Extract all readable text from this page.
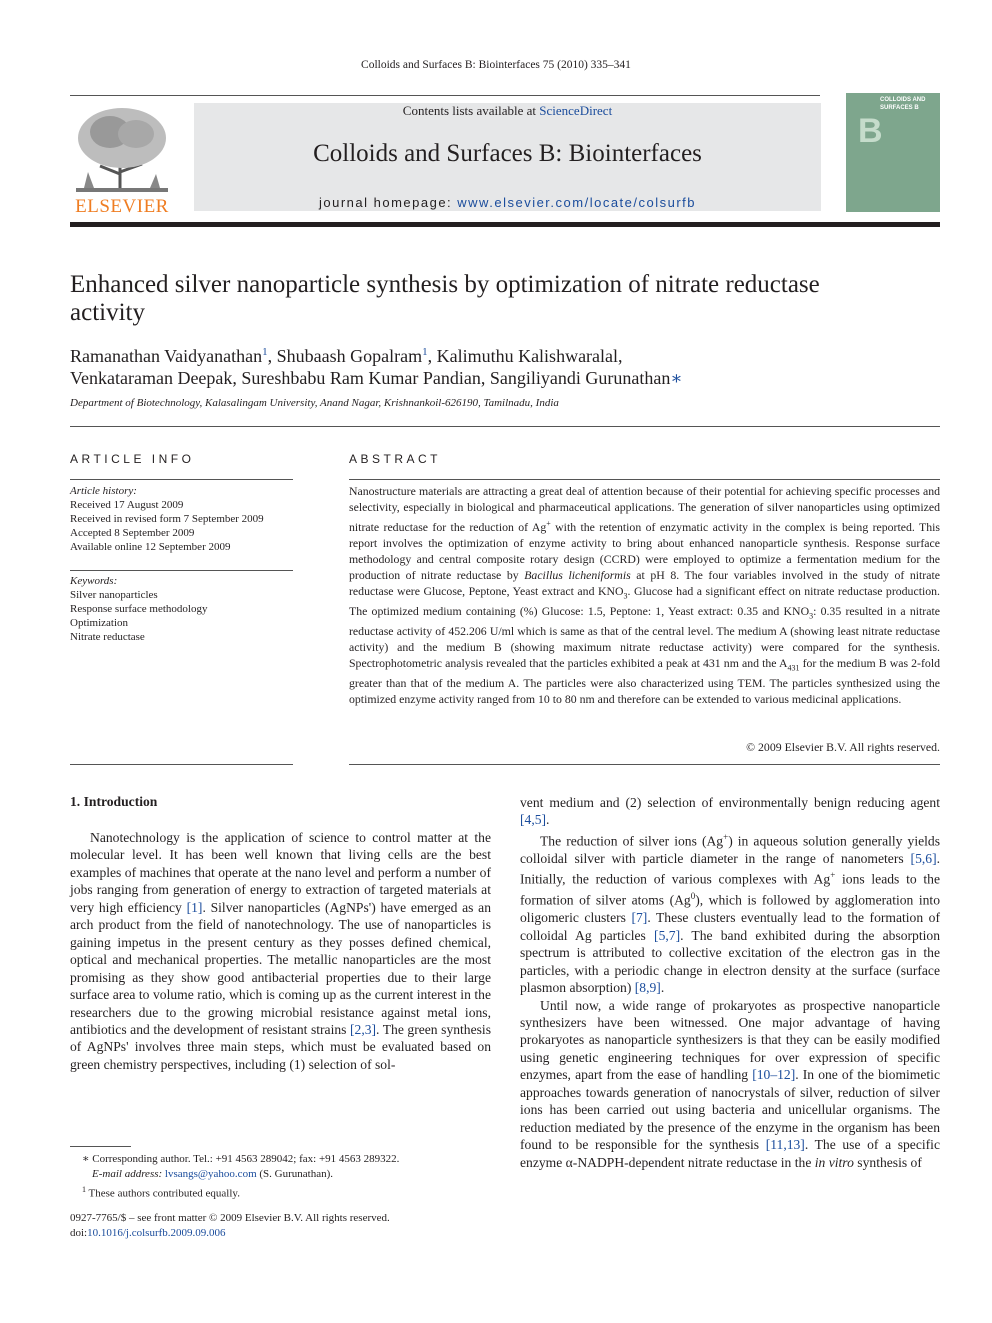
Colloids and Surfaces B: Biointerfaces 75 (2010) 335–341
ELSEVIER
Contents lists available at ScienceDirect
Colloids and Surfaces B: Biointerfaces
journal homepage: www.elsevier.com/locate/colsurfb
COLLOIDS AND SURFACES B
B
Enhanced silver nanoparticle synthesis by optimization of nitrate reductase activity
Ramanathan Vaidyanathan$^1$, Shubaash Gopalram$^1$, Kalimuthu Kalishwaralal,
Venkataraman Deepak, Sureshbabu Ram Kumar Pandian, Sangiliyandi Gurunathan∗
Department of Biotechnology, Kalasalingam University, Anand Nagar, Krishnankoil-626190, Tamilnadu, India
ARTICLE INFO	ABSTRACT
Article history:
Received 17 August 2009
Received in revised form 7 September 2009
Accepted 8 September 2009
Available online 12 September 2009
Keywords:
Silver nanoparticles
Response surface methodology
Optimization
Nitrate reductase
Nanostructure materials are attracting a great deal of attention because of their potential for achieving specific processes and selectivity, especially in biological and pharmaceutical applications. The generation of silver nanoparticles using optimized nitrate reductase for the reduction of Ag+ with the retention of enzymatic activity in the complex is being reported. This report involves the optimization of enzyme activity to bring about enhanced nanoparticle synthesis. Response surface methodology and central composite rotary design (CCRD) were employed to optimize a fermentation medium for the production of nitrate reductase by Bacillus licheniformis at pH 8. The four variables involved in the study of nitrate reductase were Glucose, Peptone, Yeast extract and $KNO_3$. Glucose had a significant effect on nitrate reductase production. The optimized medium containing (%) Glucose: 1.5, Peptone: 1, Yeast extract: 0.35 and $KNO_3$: 0.35 resulted in a nitrate reductase activity of 452.206 U/ml which is same as that of the central level. The medium A (showing least nitrate reductase activity) and the medium B (showing maximum nitrate reductase activity) were compared for the synthesis. Spectrophotometric analysis revealed that the particles exhibited a peak at 431 nm and the $A_{431}$ for the medium B was 2-fold greater than that of the medium A. The particles were also characterized using TEM. The particles synthesized using the optimized enzyme activity ranged from 10 to 80 nm and therefore can be extended to various medicinal applications.
© 2009 Elsevier B.V. All rights reserved.
1. Introduction

Nanotechnology is the application of science to control matter at the molecular level. It has been well known that living cells are the best examples of machines that operate at the nano level and perform a number of jobs ranging from generation of energy to extraction of targeted materials at very high efficiency [1]. Silver nanoparticles (AgNPs') have emerged as an arch product from the field of nanotechnology. The use of nanoparticles is gaining impetus in the present century as they posses defined chemical, optical and mechanical properties. The metallic nanoparticles are the most promising as they show good antibacterial properties due to their large surface area to volume ratio, which is coming up as the current interest in the researchers due to the growing microbial resistance against metal ions, antibiotics and the development of resistant strains [2,3]. The green synthesis of AgNPs' involves three main steps, which must be evaluated based on green chemistry perspectives, including (1) selection of sol-

vent medium and (2) selection of environmentally benign reducing agent [4,5].

The reduction of silver ions (Ag+) in aqueous solution generally yields colloidal silver with particle diameter in the range of nanometers [5,6]. Initially, the reduction of various complexes with Ag+ ions leads to the formation of silver atoms (Ag$^0$), which is followed by agglomeration into oligomeric clusters [7]. These clusters eventually lead to the formation of colloidal Ag particles [5,7]. The band exhibited during the absorption spectrum is attributed to collective excitation of the electron gas in the particles, with a periodic change in electron density at the surface (surface plasmon absorption) [8,9].

Until now, a wide range of prokaryotes as prospective nanoparticle synthesizers have been witnessed. One major advantage of having prokaryotes as nanoparticle synthesizers is that they can be easily modified using genetic engineering techniques for over expression of specific enzymes, apart from the ease of handling [10–12]. In one of the biomimetic approaches towards generation of nanocrystals of silver, reduction of silver ions has been carried out using bacteria and unicellular organisms. The reduction mediated by the presence of the enzyme in the organism has been found to be responsible for the synthesis [11,13]. The use of a specific enzyme α-NADPH-dependent nitrate reductase in the in vitro synthesis of

∗ Corresponding author. Tel.: +91 4563 289042; fax: +91 4563 289322.
E-mail address: lvsangs@yahoo.com (S. Gurunathan).
$^1$ These authors contributed equally.
0927-7765/$ – see front matter © 2009 Elsevier B.V. All rights reserved.
doi:10.1016/j.colsurfb.2009.09.006
